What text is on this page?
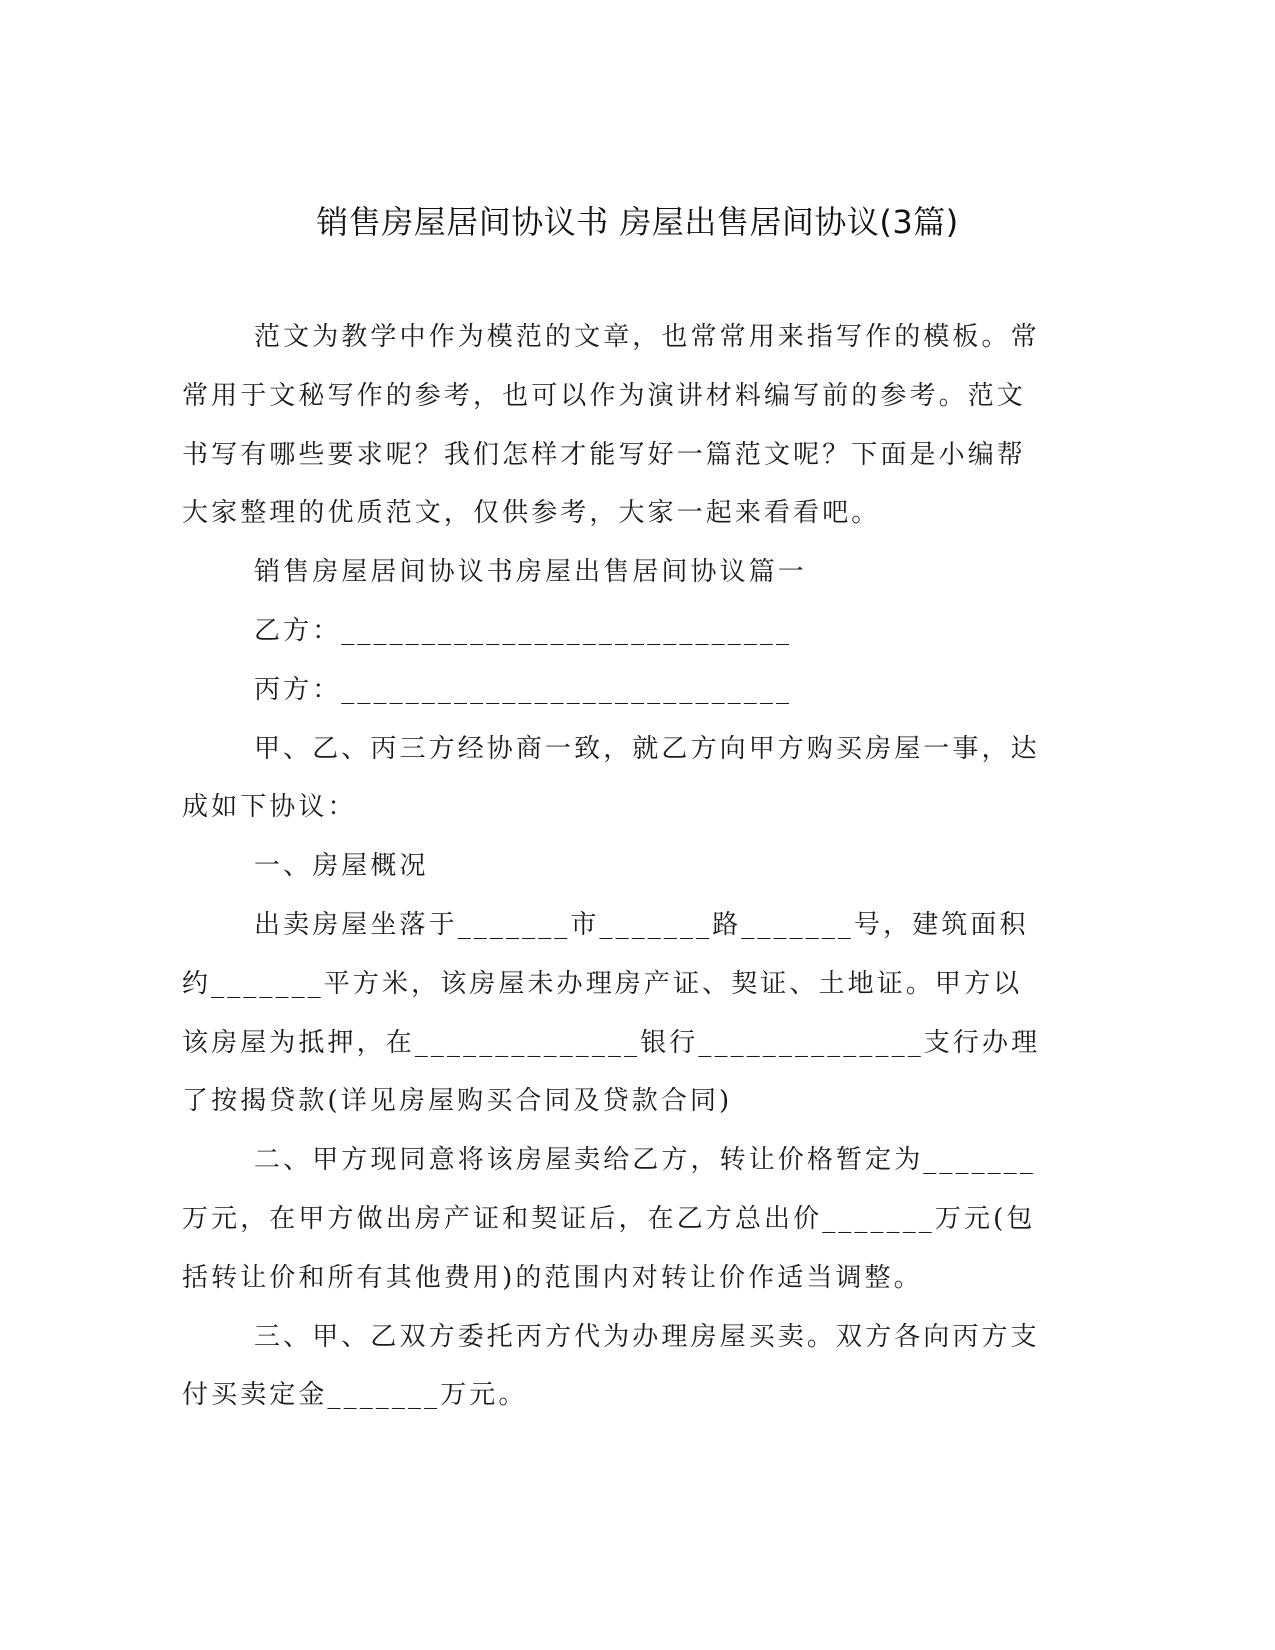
销售房屋居间协议书 房屋出售居间协议(3篇)

范文为教学中作为模范的文章，也常常用来指写作的模板。常常用于文秘写作的参考，也可以作为演讲材料编写前的参考。范文书写有哪些要求呢？我们怎样才能写好一篇范文呢？下面是小编帮大家整理的优质范文，仅供参考，大家一起来看看吧。

销售房屋居间协议书房屋出售居间协议篇一

乙方：____________________________

丙方：____________________________

甲、乙、丙三方经协商一致，就乙方向甲方购买房屋一事，达成如下协议：

一、房屋概况

出卖房屋坐落于_______市_______路_______号，建筑面积约_______平方米，该房屋未办理房产证、契证、土地证。甲方以该房屋为抵押，在______________银行______________支行办理了按揭贷款(详见房屋购买合同及贷款合同)

二、甲方现同意将该房屋卖给乙方，转让价格暂定为_______万元，在甲方做出房产证和契证后，在乙方总出价_______万元(包括转让价和所有其他费用)的范围内对转让价作适当调整。

三、甲、乙双方委托丙方代为办理房屋买卖。双方各向丙方支付买卖定金_______万元。
